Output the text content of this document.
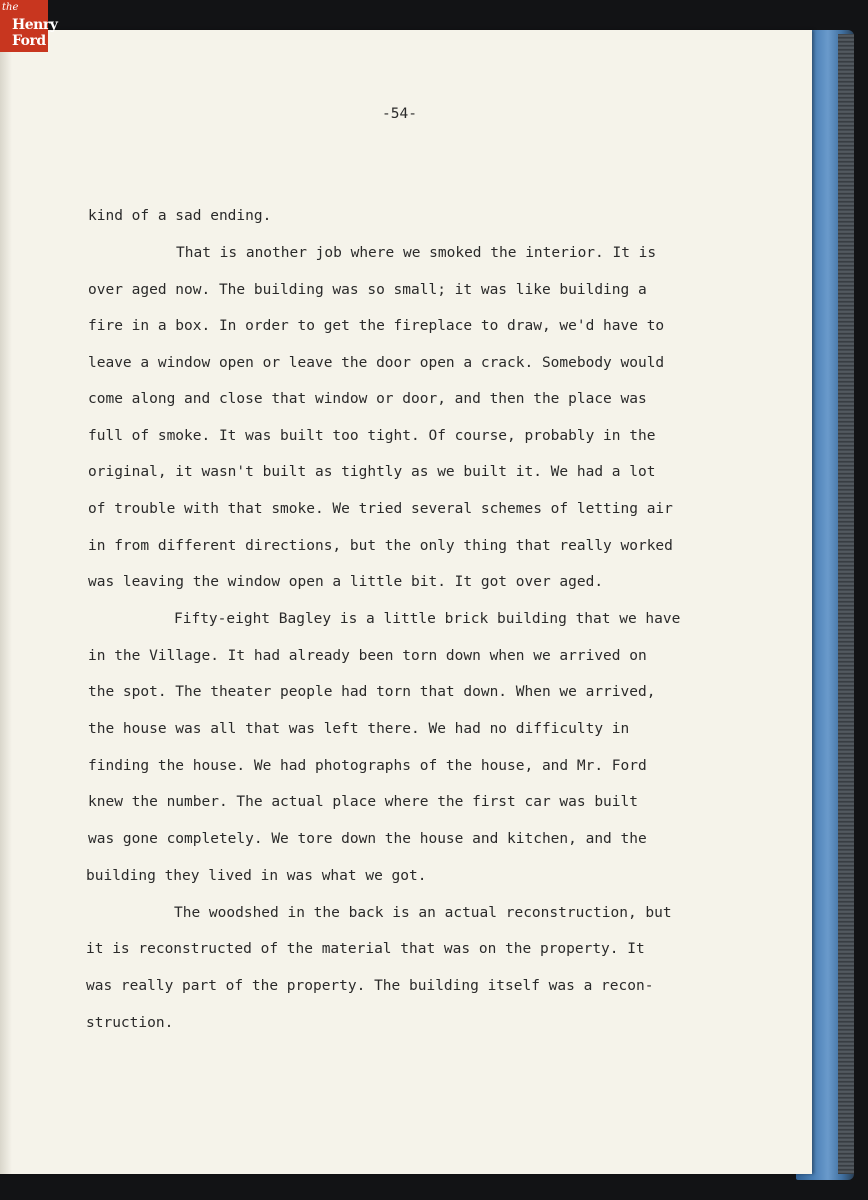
the
Henry
Ford

-54-

kind of a sad ending.

That is another job where we smoked the interior. It is

over aged now. The building was so small; it was like building a

fire in a box. In order to get the fireplace to draw, we'd have to

leave a window open or leave the door open a crack. Somebody would

come along and close that window or door, and then the place was

full of smoke. It was built too tight. Of course, probably in the

original, it wasn't built as tightly as we built it. We had a lot

of trouble with that smoke. We tried several schemes of letting air

in from different directions, but the only thing that really worked

was leaving the window open a little bit. It got over aged.

Fifty-eight Bagley is a little brick building that we have

in the Village. It had already been torn down when we arrived on

the spot. The theater people had torn that down. When we arrived,

the house was all that was left there. We had no difficulty in

finding the house. We had photographs of the house, and Mr. Ford

knew the number. The actual place where the first car was built

was gone completely. We tore down the house and kitchen, and the

building they lived in was what we got.

The woodshed in the back is an actual reconstruction, but

it is reconstructed of the material that was on the property. It

was really part of the property. The building itself was a recon-

struction.
